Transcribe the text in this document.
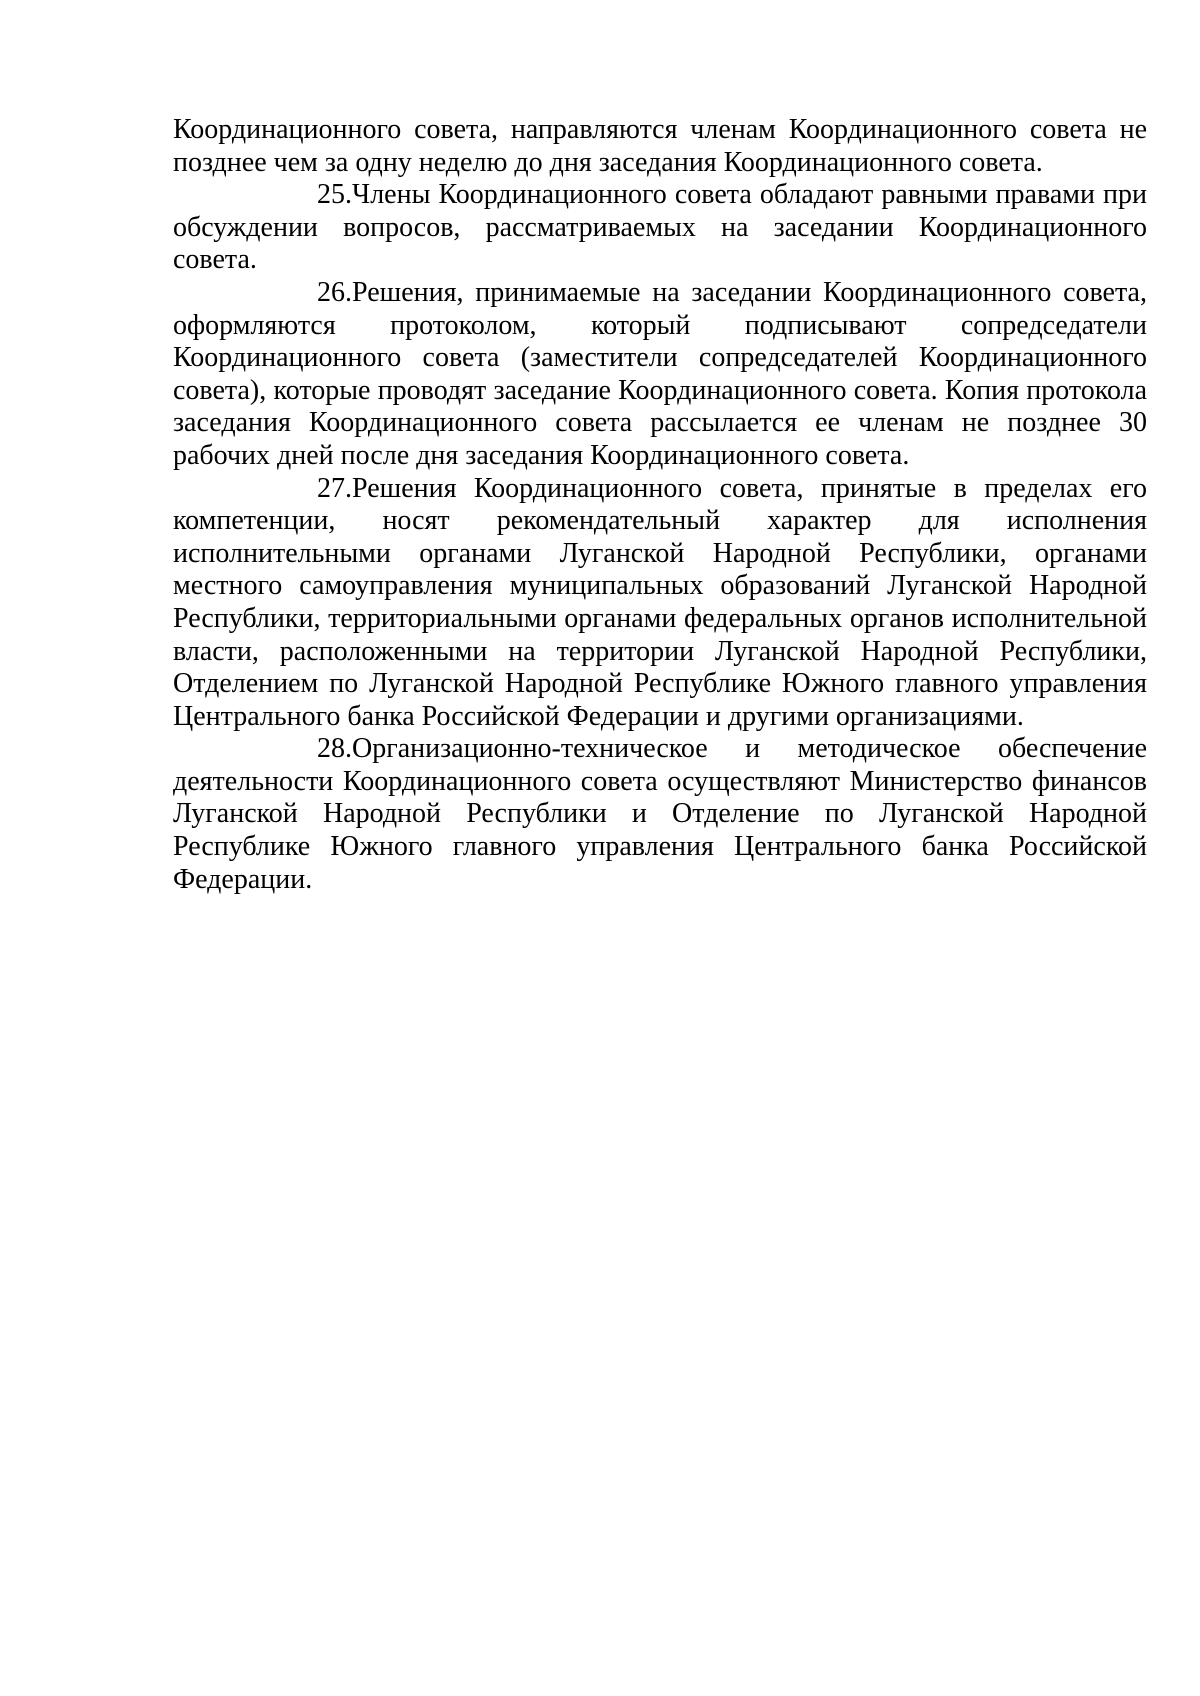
Координационного совета, направляются членам Координационного совета не позднее чем за одну неделю до дня заседания Координационного совета.

25.Члены Координационного совета обладают равными правами при обсуждении вопросов, рассматриваемых на заседании Координационного совета.

26.Решения, принимаемые на заседании Координационного совета, оформляются протоколом, который подписывают сопредседатели Координационного совета (заместители сопредседателей Координационного совета), которые проводят заседание Координационного совета. Копия протокола заседания Координационного совета рассылается ее членам не позднее 30 рабочих дней после дня заседания Координационного совета.

27.Решения Координационного совета, принятые в пределах его компетенции, носят рекомендательный характер для исполнения исполнительными органами Луганской Народной Республики, органами местного самоуправления муниципальных образований Луганской Народной Республики, территориальными органами федеральных органов исполнительной власти, расположенными на территории Луганской Народной Республики, Отделением по Луганской Народной Республике Южного главного управления Центрального банка Российской Федерации и другими организациями.

28.Организационно-техническое и методическое обеспечение деятельности Координационного совета осуществляют Министерство финансов Луганской Народной Республики и Отделение по Луганской Народной Республике Южного главного управления Центрального банка Российской Федерации.
